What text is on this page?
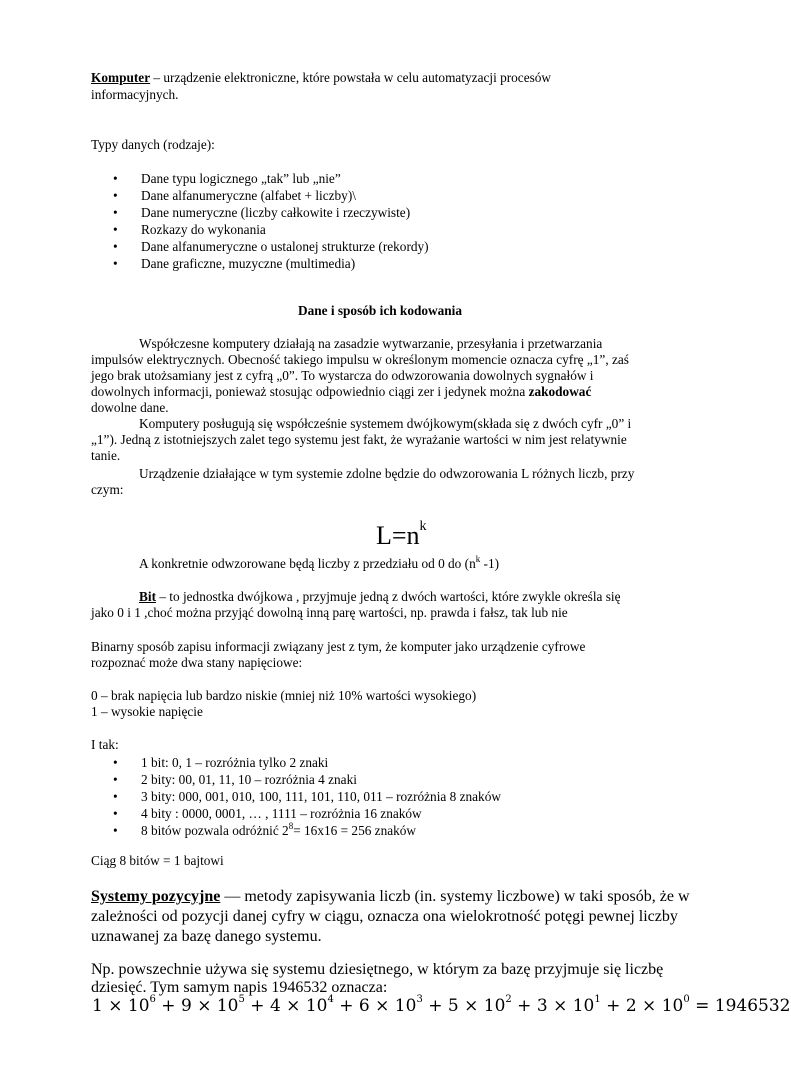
Komputer – urządzenie elektroniczne, które powstała w celu automatyzacji procesów
informacyjnych.
Typy danych (rodzaje):
• Dane typu logicznego „tak” lub „nie”
• Dane alfanumeryczne (alfabet + liczby)\
• Dane numeryczne (liczby całkowite i rzeczywiste)
• Rozkazy do wykonania
• Dane alfanumeryczne o ustalonej strukturze (rekordy)
• Dane graficzne, muzyczne (multimedia)
Dane i sposób ich kodowania
Współczesne komputery działają na zasadzie wytwarzanie, przesyłania i przetwarzania
impulsów elektrycznych. Obecność takiego impulsu w określonym momencie oznacza cyfrę „1”, zaś
jego brak utożsamiany jest z cyfrą „0”. To wystarcza do odwzorowania dowolnych sygnałów i
dowolnych informacji, ponieważ stosując odpowiednio ciągi zer i jedynek można zakodować
dowolne dane.
Komputery posługują się współcześnie systemem dwójkowym(składa się z dwóch cyfr „0” i
„1”). Jedną z istotniejszych zalet tego systemu jest fakt, że wyrażanie wartości w nim jest relatywnie
tanie.
Urządzenie działające w tym systemie zdolne będzie do odwzorowania L różnych liczb, przy
czym:
$L=n^k$
A konkretnie odwzorowane będą liczby z przedziału od 0 do ($n^k$ -1)
Bit – to jednostka dwójkowa , przyjmuje jedną z dwóch wartości, które zwykle określa się
jako 0 i 1 ,choć można przyjąć dowolną inną parę wartości, np. prawda i fałsz, tak lub nie
Binarny sposób zapisu informacji związany jest z tym, że komputer jako urządzenie cyfrowe
rozpoznać może dwa stany napięciowe:
0 – brak napięcia lub bardzo niskie (mniej niż 10% wartości wysokiego)
1 – wysokie napięcie
I tak:
• 1 bit: 0, 1 – rozróżnia tylko 2 znaki
• 2 bity: 00, 01, 11, 10 – rozróżnia 4 znaki
• 3 bity: 000, 001, 010, 100, 111, 101, 110, 011 – rozróżnia 8 znaków
• 4 bity : 0000, 0001, … , 1111 – rozróżnia 16 znaków
• 8 bitów pozwala odróżnić $2^8= 16x16 = 256$ znaków
Ciąg 8 bitów = 1 bajtowi
Systemy pozycyjne — metody zapisywania liczb (in. systemy liczbowe) w taki sposób, że w
zależności od pozycji danej cyfry w ciągu, oznacza ona wielokrotność potęgi pewnej liczby
uznawanej za bazę danego systemu.
Np. powszechnie używa się systemu dziesiętnego, w którym za bazę przyjmuje się liczbę
dziesięć. Tym samym napis 1946532 oznacza:
$1 \times 10^6 + 9 \times 10^5 + 4 \times 10^4 + 6 \times 10^3 + 5 \times 10^2 + 3 \times 10^1 + 2 \times 10^0 = 1946532$
